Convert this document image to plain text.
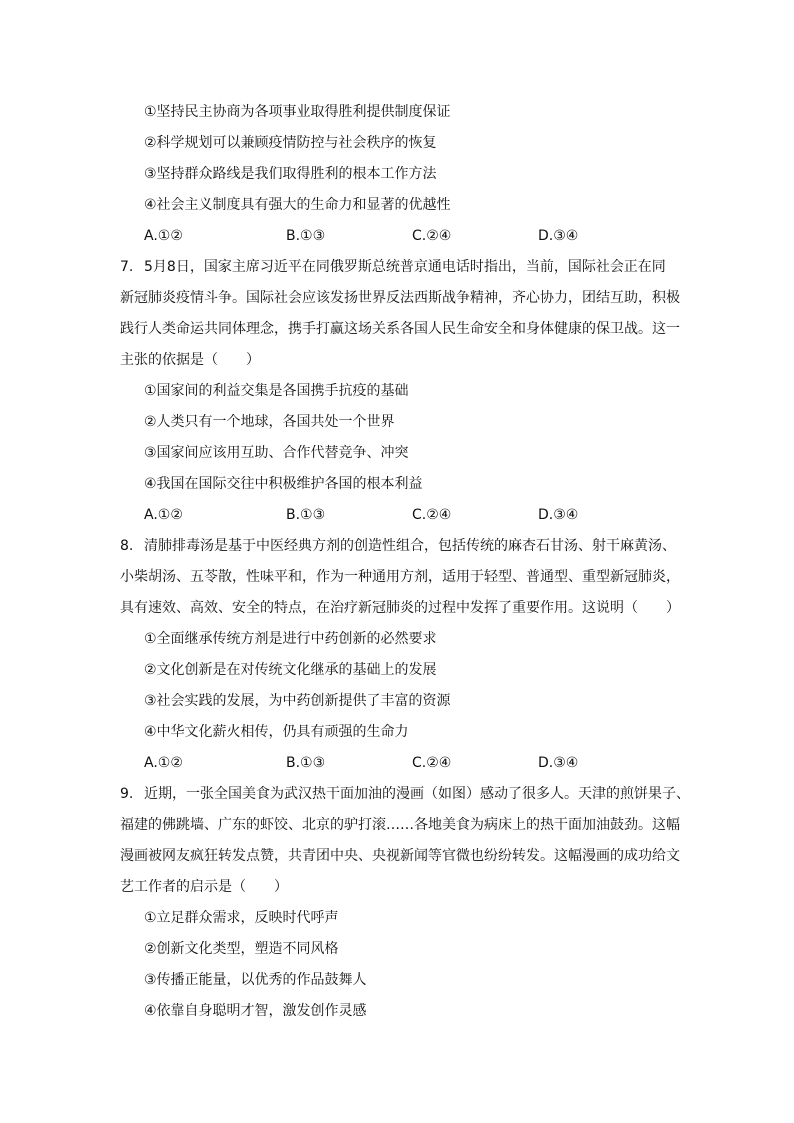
①坚持民主协商为各项事业取得胜利提供制度保证
②科学规划可以兼顾疫情防控与社会秩序的恢复
③坚持群众路线是我们取得胜利的根本工作方法
④社会主义制度具有强大的生命力和显著的优越性
A.①②	B.①③	C.②④	D.③④
7. 5月8日，国家主席习近平在同俄罗斯总统普京通电话时指出，当前，国际社会正在同
新冠肺炎疫情斗争。国际社会应该发扬世界反法西斯战争精神，齐心协力，团结互助，积极
践行人类命运共同体理念，携手打赢这场关系各国人民生命安全和身体健康的保卫战。这一
主张的依据是（　　）
①国家间的利益交集是各国携手抗疫的基础
②人类只有一个地球，各国共处一个世界
③国家间应该用互助、合作代替竞争、冲突
④我国在国际交往中积极维护各国的根本利益
A.①②	B.①③	C.②④	D.③④
8. 清肺排毒汤是基于中医经典方剂的创造性组合，包括传统的麻杏石甘汤、射干麻黄汤、
小柴胡汤、五苓散，性味平和，作为一种通用方剂，适用于轻型、普通型、重型新冠肺炎，
具有速效、高效、安全的特点，在治疗新冠肺炎的过程中发挥了重要作用。这说明（　　）
①全面继承传统方剂是进行中药创新的必然要求
②文化创新是在对传统文化继承的基础上的发展
③社会实践的发展，为中药创新提供了丰富的资源
④中华文化薪火相传，仍具有顽强的生命力
A.①②	B.①③	C.②④	D.③④
9. 近期，一张全国美食为武汉热干面加油的漫画（如图）感动了很多人。天津的煎饼果子、
福建的佛跳墙、广东的虾饺、北京的驴打滚……各地美食为病床上的热干面加油鼓劲。这幅
漫画被网友疯狂转发点赞，共青团中央、央视新闻等官微也纷纷转发。这幅漫画的成功给文
艺工作者的启示是（　　）
①立足群众需求，反映时代呼声
②创新文化类型，塑造不同风格
③传播正能量，以优秀的作品鼓舞人
④依靠自身聪明才智，激发创作灵感
